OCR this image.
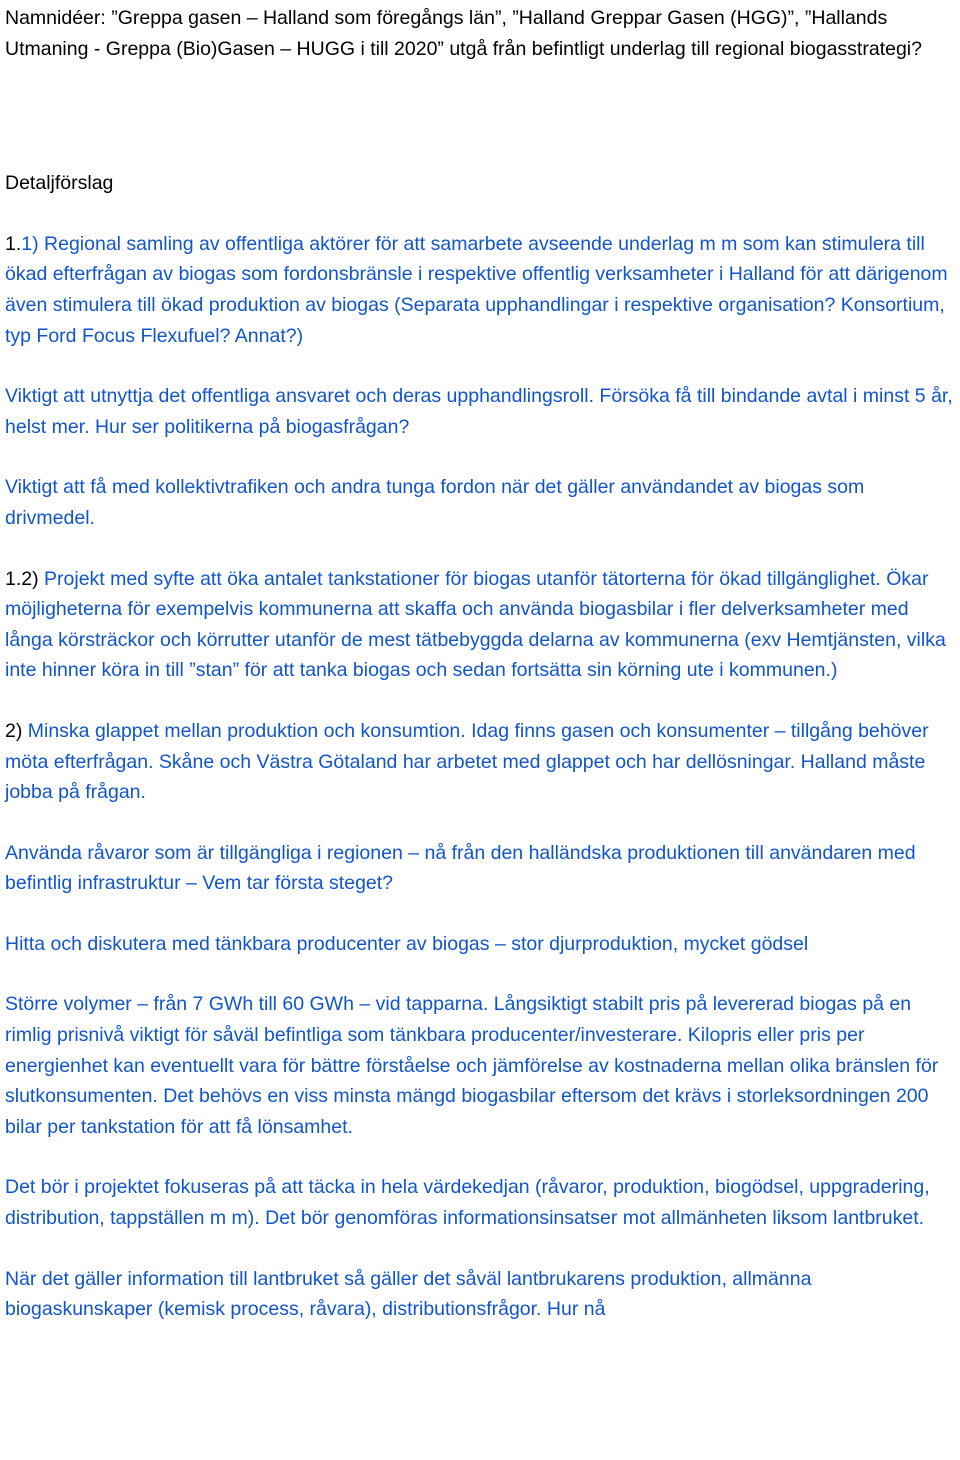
Namnidéer: ”Greppa gasen – Halland som föregångs län”, ”Halland Greppar Gasen (HGG)”, ”Hallands Utmaning - Greppa (Bio)Gasen – HUGG i till 2020” utgå från befintligt underlag till regional biogasstrategi?

Detaljförslag

1.1) Regional samling av offentliga aktörer för att samarbete avseende underlag m m som kan stimulera till ökad efterfrågan av biogas som fordonsbränsle i respektive offentlig verksamheter i Halland för att därigenom även stimulera till ökad produktion av biogas (Separata upphandlingar i respektive organisation? Konsortium, typ Ford Focus Flexufuel? Annat?)

Viktigt att utnyttja det offentliga ansvaret och deras upphandlingsroll. Försöka få till bindande avtal i minst 5 år, helst mer. Hur ser politikerna på biogasfrågan?

Viktigt att få med kollektivtrafiken och andra tunga fordon när det gäller användandet av biogas som drivmedel.

1.2) Projekt med syfte att öka antalet tankstationer för biogas utanför tätorterna för ökad tillgänglighet. Ökar möjligheterna för exempelvis kommunerna att skaffa och använda biogasbilar i fler delverksamheter med långa körsträckor och körrutter utanför de mest tätbebyggda delarna av kommunerna (exv Hemtjänsten, vilka inte hinner köra in till ”stan” för att tanka biogas och sedan fortsätta sin körning ute i kommunen.)

2) Minska glappet mellan produktion och konsumtion. Idag finns gasen och konsumenter – tillgång behöver möta efterfrågan. Skåne och Västra Götaland har arbetet med glappet och har dellösningar. Halland måste jobba på frågan.

Använda råvaror som är tillgängliga i regionen – nå från den halländska produktionen till användaren med befintlig infrastruktur – Vem tar första steget?

Hitta och diskutera med tänkbara producenter av biogas – stor djurproduktion, mycket gödsel

Större volymer – från 7 GWh till 60 GWh – vid tapparna. Långsiktigt stabilt pris på levererad biogas på en rimlig prisnivå viktigt för såväl befintliga som tänkbara producenter/investerare. Kilopris eller pris per energienhet kan eventuellt vara för bättre förståelse och jämförelse av kostnaderna mellan olika bränslen för slutkonsumenten. Det behövs en viss minsta mängd biogasbilar eftersom det krävs i storleksordningen 200 bilar per tankstation för att få lönsamhet.

Det bör i projektet fokuseras på att täcka in hela värdekedjan (råvaror, produktion, biogödsel, uppgradering, distribution, tappställen m m). Det bör genomföras informationsinsatser mot allmänheten liksom lantbruket.

När det gäller information till lantbruket så gäller det såväl lantbrukarens produktion, allmänna biogaskunskaper (kemisk process, råvara), distributionsfrågor. Hur nå
